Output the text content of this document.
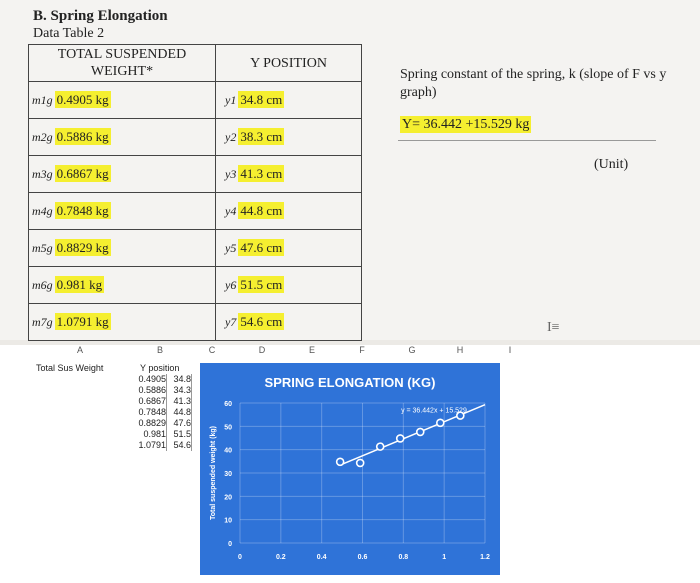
B. Spring Elongation
Data Table 2
TOTAL SUSPENDED WEIGHT*	Y POSITION
m1g 0.4905 kg	y1 34.8 cm
m2g 0.5886 kg	y2 38.3 cm
m3g 0.6867 kg	y3 41.3 cm
m4g 0.7848 kg	y4 44.8 cm
m5g 0.8829 kg	y5 47.6 cm
m6g 0.981 kg	y6 51.5 cm
m7g 1.0791 kg	y7 54.6 cm
Spring constant of the spring, k (slope of F vs y graph)
Y= 36.442 +15.529 kg
(Unit)
I≡
A	B	C	D	E	F	G	H	I
Total Sus Weight	Y position
0.4905 34.8
0.5886 34.3
0.6867 41.3
0.7848 44.8
0.8829 47.6
0.981 51.5
1.0791 54.6
SPRING ELONGATION (KG)
0
10
20
30
40
50
60
0	0.2	0.4	0.6	0.8	1	1.2
Total suspended weight (kg)
y = 36.442x + 15.529
